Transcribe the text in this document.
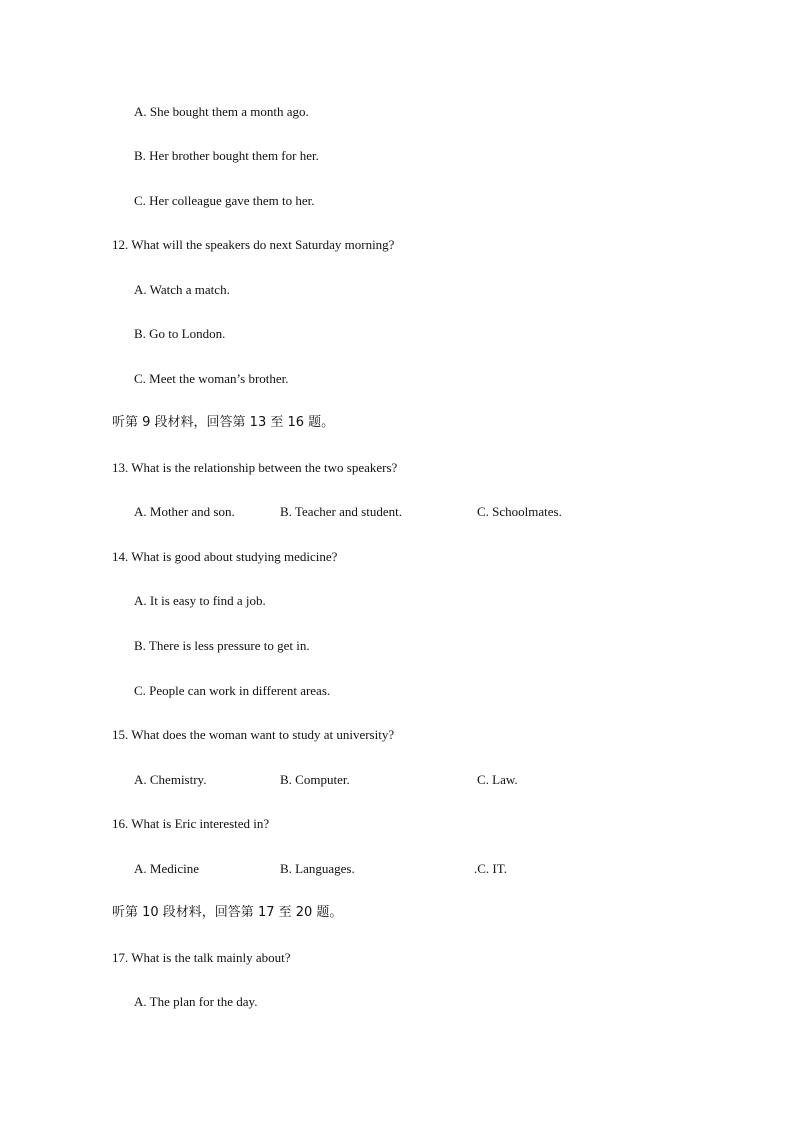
A. She bought them a month ago.
B. Her brother bought them for her.
C. Her colleague gave them to her.
12. What will the speakers do next Saturday morning?
A. Watch a match.
B. Go to London.
C. Meet the woman’s brother.
听第 9 段材料，回答第 13 至 16 题。
13. What is the relationship between the two speakers?
A. Mother and son.	B. Teacher and student.	C. Schoolmates.
14. What is good about studying medicine?
A. It is easy to find a job.
B. There is less pressure to get in.
C. People can work in different areas.
15. What does the woman want to study at university?
A. Chemistry.	B. Computer.	C. Law.
16. What is Eric interested in?
A. Medicine	B. Languages.	.C. IT.
听第 10 段材料，回答第 17 至 20 题。
17. What is the talk mainly about?
A. The plan for the day.
